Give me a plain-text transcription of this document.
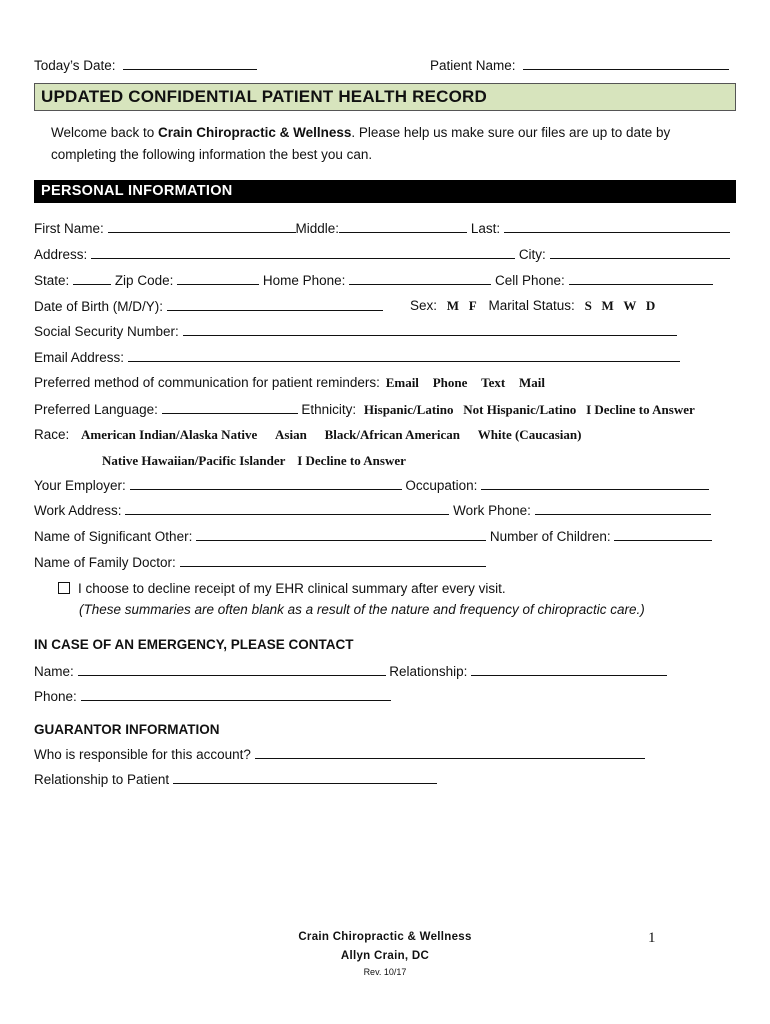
Today’s Date:	Patient Name:
UPDATED CONFIDENTIAL PATIENT HEALTH RECORD
Welcome back to Crain Chiropractic & Wellness. Please help us make sure our files are up to date by
completing the following information the best you can.
PERSONAL INFORMATION
First Name:	Middle:	Last:
Address:	City:
State:	Zip Code:	Home Phone:	Cell Phone:
Date of Birth (M/D/Y):	Sex: M   F Marital Status: S   M   W   D
Social Security Number:
Email Address:
Preferred method of communication for patient reminders: Email Phone Text Mail
Preferred Language:	Ethnicity: Hispanic/Latino Not Hispanic/Latino I Decline to Answer
Race: American Indian/Alaska Native Asian Black/African American White (Caucasian)
Native Hawaiian/Pacific Islander I Decline to Answer
Your Employer:	Occupation:
Work Address:	Work Phone:
Name of Significant Other:	Number of Children:
Name of Family Doctor:
I choose to decline receipt of my EHR clinical summary after every visit.
(These summaries are often blank as a result of the nature and frequency of chiropractic care.)
IN CASE OF AN EMERGENCY, PLEASE CONTACT
Name:	Relationship:
Phone:
GUARANTOR INFORMATION
Who is responsible for this account?
Relationship to Patient
Crain Chiropractic & Wellness
Allyn Crain, DC
Rev. 10/17
1
